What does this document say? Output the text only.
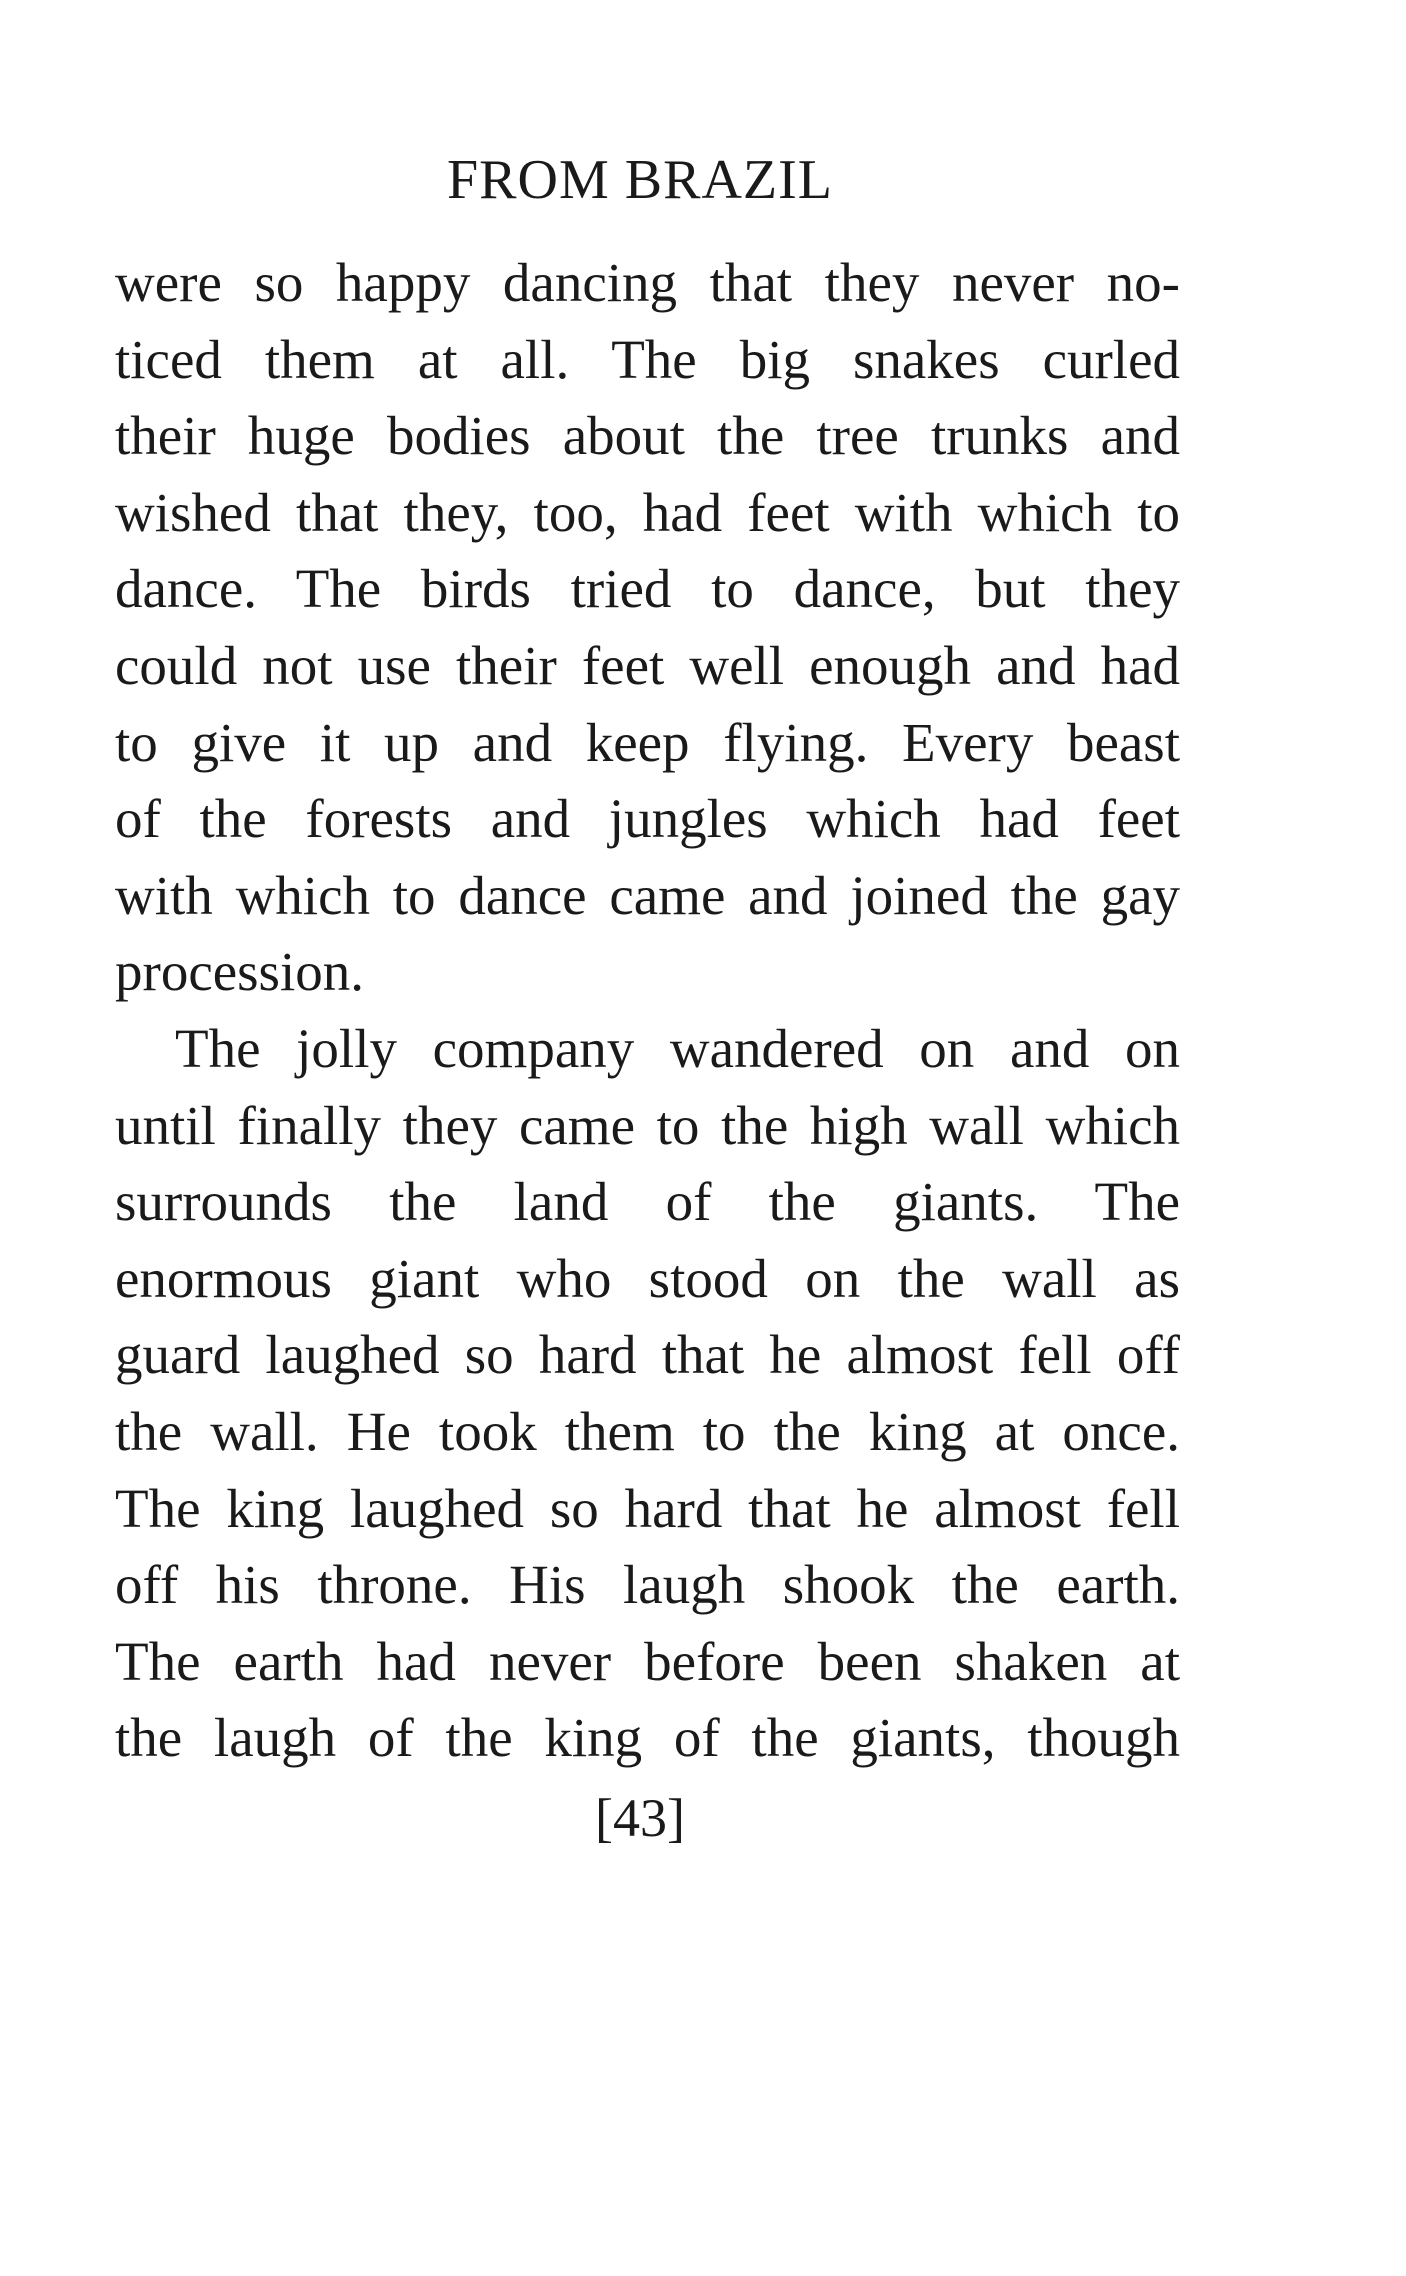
FROM BRAZIL
were so happy dancing that they never no-
ticed them at all. The big snakes curled
their huge bodies about the tree trunks and
wished that they, too, had feet with which to
dance. The birds tried to dance, but they
could not use their feet well enough and had
to give it up and keep flying. Every beast
of the forests and jungles which had feet
with which to dance came and joined the gay
procession.
The jolly company wandered on and on
until finally they came to the high wall which
surrounds the land of the giants. The
enormous giant who stood on the wall as
guard laughed so hard that he almost fell off
the wall. He took them to the king at once.
The king laughed so hard that he almost fell
off his throne. His laugh shook the earth.
The earth had never before been shaken at
the laugh of the king of the giants, though
[43]
